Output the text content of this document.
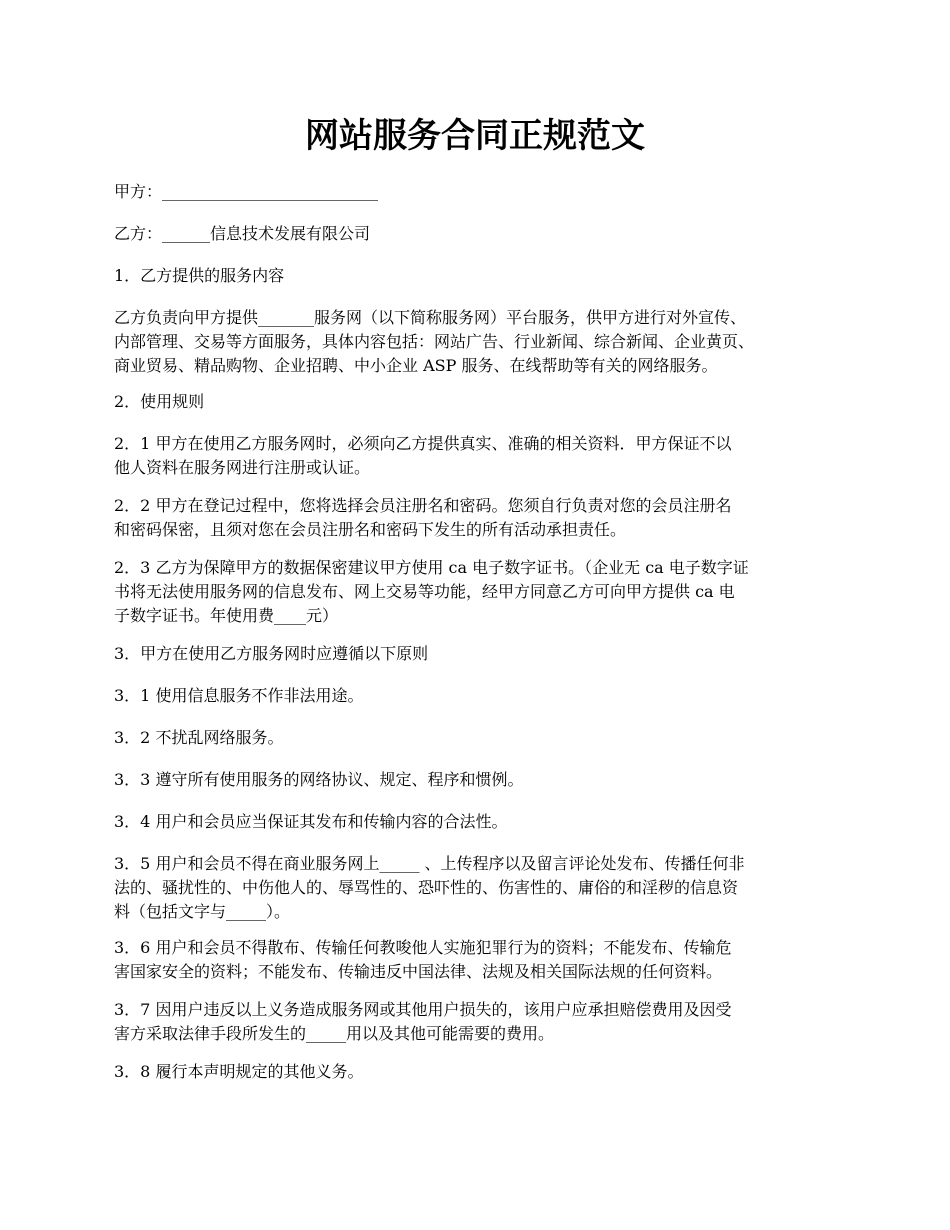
网站服务合同正规范文

甲方：___________________________

乙方：______信息技术发展有限公司

1．乙方提供的服务内容

乙方负责向甲方提供_______服务网（以下简称服务网）平台服务，供甲方进行对外宣传、
内部管理、交易等方面服务，具体内容包括：网站广告、行业新闻、综合新闻、企业黄页、
商业贸易、精品购物、企业招聘、中小企业 ASP 服务、在线帮助等有关的网络服务。

2．使用规则

2．1 甲方在使用乙方服务网时，必须向乙方提供真实、准确的相关资料．甲方保证不以
他人资料在服务网进行注册或认证。

2．2 甲方在登记过程中，您将选择会员注册名和密码。您须自行负责对您的会员注册名
和密码保密，且须对您在会员注册名和密码下发生的所有活动承担责任。

2．3 乙方为保障甲方的数据保密建议甲方使用 ca 电子数字证书。（企业无 ca 电子数字证
书将无法使用服务网的信息发布、网上交易等功能，经甲方同意乙方可向甲方提供 ca 电
子数字证书。年使用费____元）

3．甲方在使用乙方服务网时应遵循以下原则

3．1 使用信息服务不作非法用途。

3．2 不扰乱网络服务。

3．3 遵守所有使用服务的网络协议、规定、程序和惯例。

3．4 用户和会员应当保证其发布和传输内容的合法性。

3．5 用户和会员不得在商业服务网上_____ 、上传程序以及留言评论处发布、传播任何非
法的、骚扰性的、中伤他人的、辱骂性的、恐吓性的、伤害性的、庸俗的和淫秽的信息资
料（包括文字与_____）。

3．6 用户和会员不得散布、传输任何教唆他人实施犯罪行为的资料；不能发布、传输危
害国家安全的资料；不能发布、传输违反中国法律、法规及相关国际法规的任何资料。

3．7 因用户违反以上义务造成服务网或其他用户损失的，该用户应承担赔偿费用及因受
害方采取法律手段所发生的_____用以及其他可能需要的费用。

3．8 履行本声明规定的其他义务。
